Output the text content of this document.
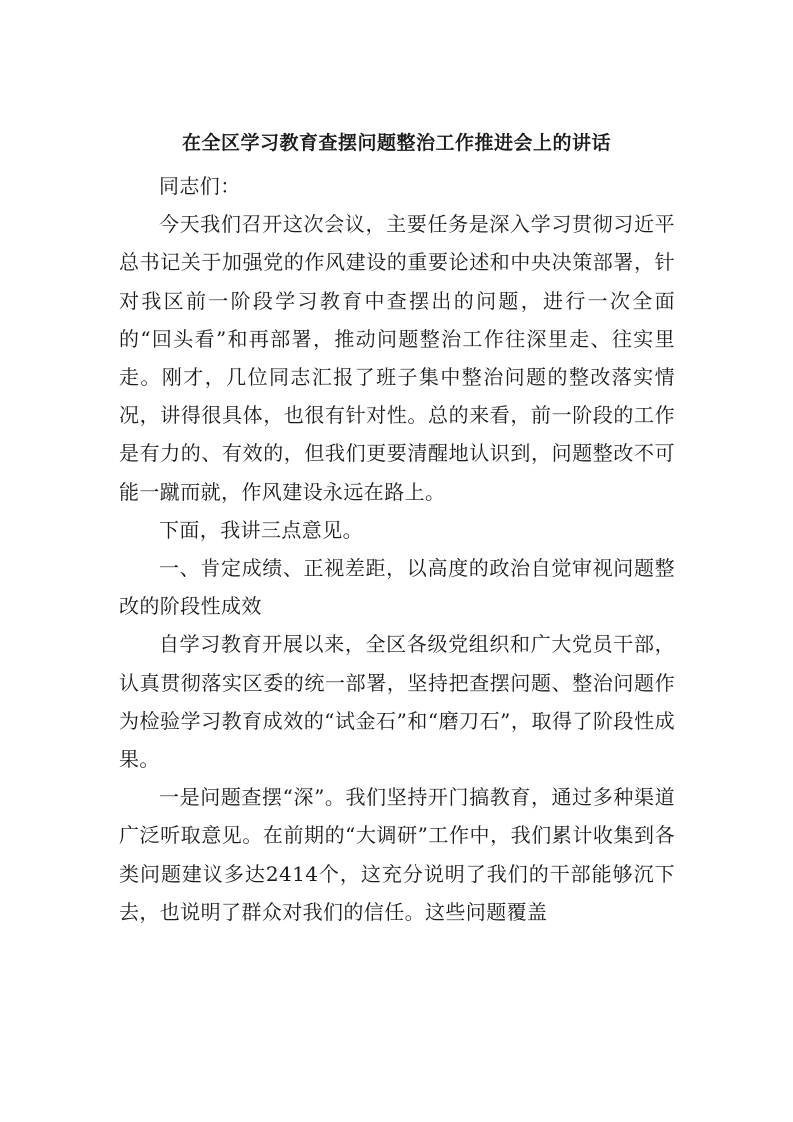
在全区学习教育查摆问题整治工作推进会上的讲话

同志们：

今天我们召开这次会议，主要任务是深入学习贯彻习近平总书记关于加强党的作风建设的重要论述和中央决策部署，针对我区前一阶段学习教育中查摆出的问题，进行一次全面的“回头看”和再部署，推动问题整治工作往深里走、往实里走。刚才，几位同志汇报了班子集中整治问题的整改落实情况，讲得很具体，也很有针对性。总的来看，前一阶段的工作是有力的、有效的，但我们更要清醒地认识到，问题整改不可能一蹴而就，作风建设永远在路上。

下面，我讲三点意见。

一、肯定成绩、正视差距，以高度的政治自觉审视问题整改的阶段性成效

自学习教育开展以来，全区各级党组织和广大党员干部，认真贯彻落实区委的统一部署，坚持把查摆问题、整治问题作为检验学习教育成效的“试金石”和“磨刀石”，取得了阶段性成果。

一是问题查摆“深”。我们坚持开门搞教育，通过多种渠道广泛听取意见。在前期的“大调研”工作中，我们累计收集到各类问题建议多达2414个，这充分说明了我们的干部能够沉下去，也说明了群众对我们的信任。这些问题覆盖
